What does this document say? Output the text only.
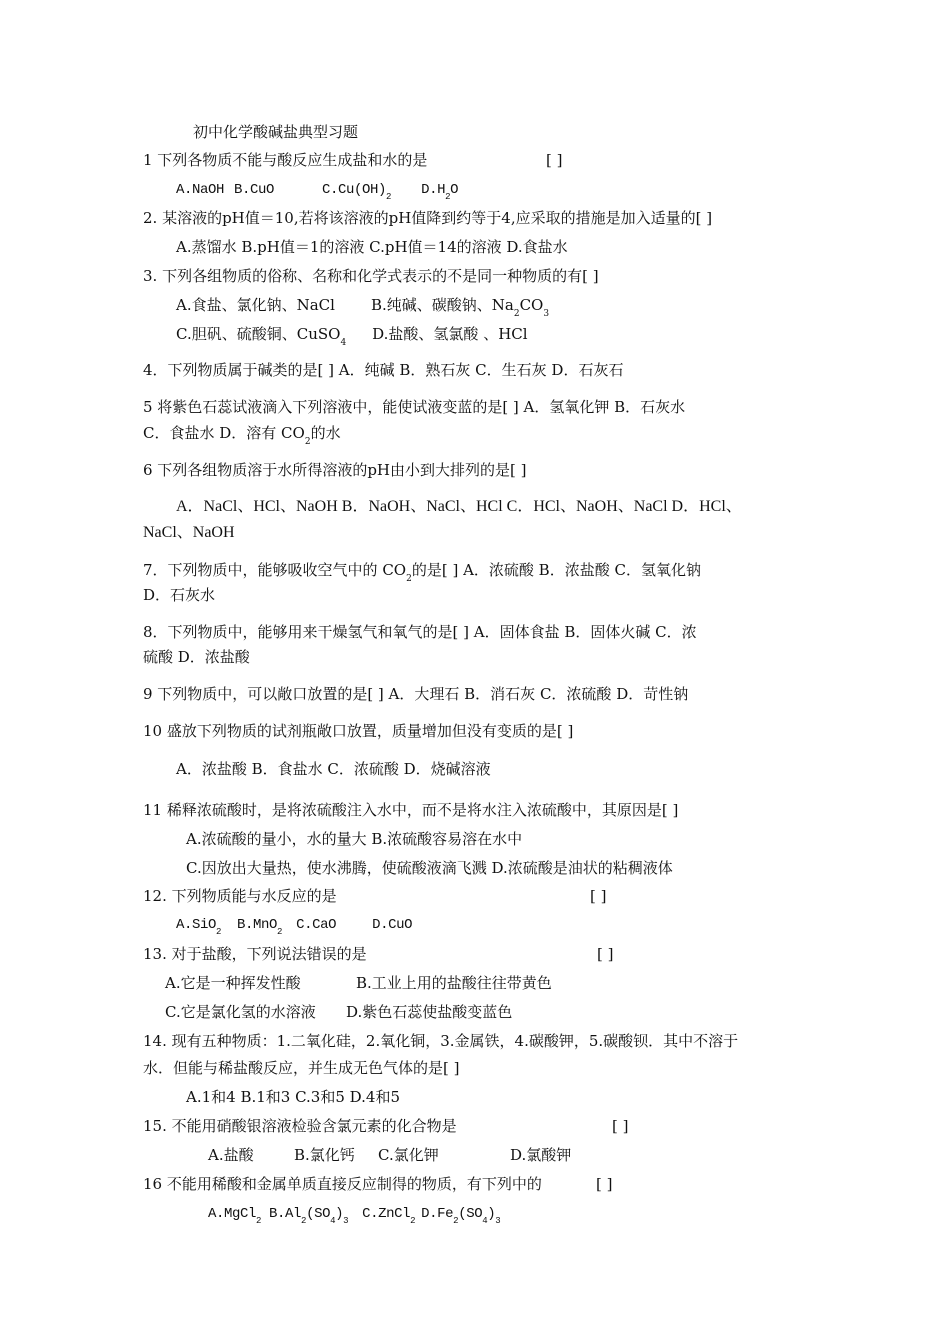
初中化学酸碱盐典型习题
1 下列各物质不能与酸反应生成盐和水的是	[ ]
A.NaOH B.CuO	$C.Cu(OH)_2$ $D.H_2O$
2. 某溶液的pH值＝10,若将该溶液的pH值降到约等于4,应采取的措施是加入适量的[ ]
A.蒸馏水 B.pH值＝1的溶液 C.pH值＝14的溶液 D.食盐水
3. 下列各组物质的俗称、名称和化学式表示的不是同一种物质的有[ ]
A.食盐、氯化钠、NaCl B.纯碱、碳酸钠、$Na_2CO_3$
C.胆矾、硫酸铜、CuSO$_4$ D.盐酸、氢氯酸 、HCl
4．下列物质属于碱类的是[ ] A．纯碱 B．熟石灰 C．生石灰 D．石灰石
5 将紫色石蕊试液滴入下列溶液中，能使试液变蓝的是[ ] A．氢氧化钾 B．石灰水
C．食盐水 D．溶有 $CO_2$的水
6 下列各组物质溶于水所得溶液的pH由小到大排列的是[ ]
A．NaCl、HCl、NaOH B．NaOH、NaCl、HCl C．HCl、NaOH、NaCl D．HCl、
NaCl、NaOH
7．下列物质中，能够吸收空气中的 $CO_2$的是[ ] A．浓硫酸 B．浓盐酸 C．氢氧化钠
D．石灰水
8．下列物质中，能够用来干燥氢气和氧气的是[ ] A．固体食盐 B．固体火碱 C．浓
硫酸 D．浓盐酸
9 下列物质中，可以敞口放置的是[ ] A．大理石 B．消石灰 C．浓硫酸 D．苛性钠
10 盛放下列物质的试剂瓶敞口放置，质量增加但没有变质的是[ ]
A．浓盐酸 B．食盐水 C．浓硫酸 D．烧碱溶液
11 稀释浓硫酸时，是将浓硫酸注入水中，而不是将水注入浓硫酸中，其原因是[ ]
A.浓硫酸的量小，水的量大 B.浓硫酸容易溶在水中
C.因放出大量热，使水沸腾，使硫酸液滴飞溅 D.浓硫酸是油状的粘稠液体
12. 下列物质能与水反应的是	[ ]
A.SiO$_2$ B.MnO$_2$ C.CaO	D.CuO
13. 对于盐酸，下列说法错误的是	[ ]
A.它是一种挥发性酸	B.工业上用的盐酸往往带黄色
C.它是氯化氢的水溶液 D.紫色石蕊使盐酸变蓝色
14. 现有五种物质：1.二氧化硅，2.氧化铜，3.金属铁，4.碳酸钾，5.碳酸钡．其中不溶于
水．但能与稀盐酸反应，并生成无色气体的是[ ]
A.1和4 B.1和3 C.3和5 D.4和5
15. 不能用硝酸银溶液检验含氯元素的化合物是	[ ]
A.盐酸	B.氯化钙 C.氯化钾	D.氯酸钾
16 不能用稀酸和金属单质直接反应制得的物质，有下列中的	[ ]
A.MgCl$_2$ $B.Al_2(SO_4)_3$ C.ZnCl$_2$ $D.Fe_2(SO_4)_3$
